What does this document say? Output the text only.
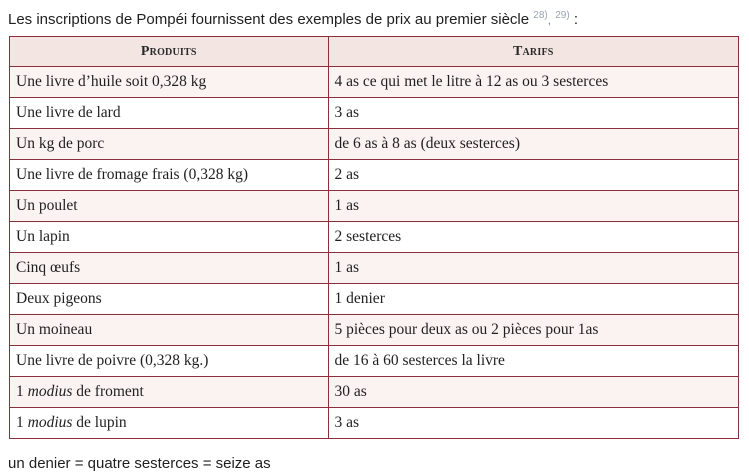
Les inscriptions de Pompéi fournissent des exemples de prix au premier siècle $^{28)}$, $^{29)}$ :

Produits	Tarifs
Une livre d’huile soit 0,328 kg	4 as ce qui met le litre à 12 as ou 3 sesterces
Une livre de lard	3 as
Un kg de porc	de 6 as à 8 as (deux sesterces)
Une livre de fromage frais (0,328 kg)	2 as
Un poulet	1 as
Un lapin	2 sesterces
Cinq œufs	1 as
Deux pigeons	1 denier
Un moineau	5 pièces pour deux as ou 2 pièces pour 1as
Une livre de poivre (0,328 kg.)	de 16 à 60 sesterces la livre
1 modius de froment	30 as
1 modius de lupin	3 as

un denier = quatre sesterces = seize as
